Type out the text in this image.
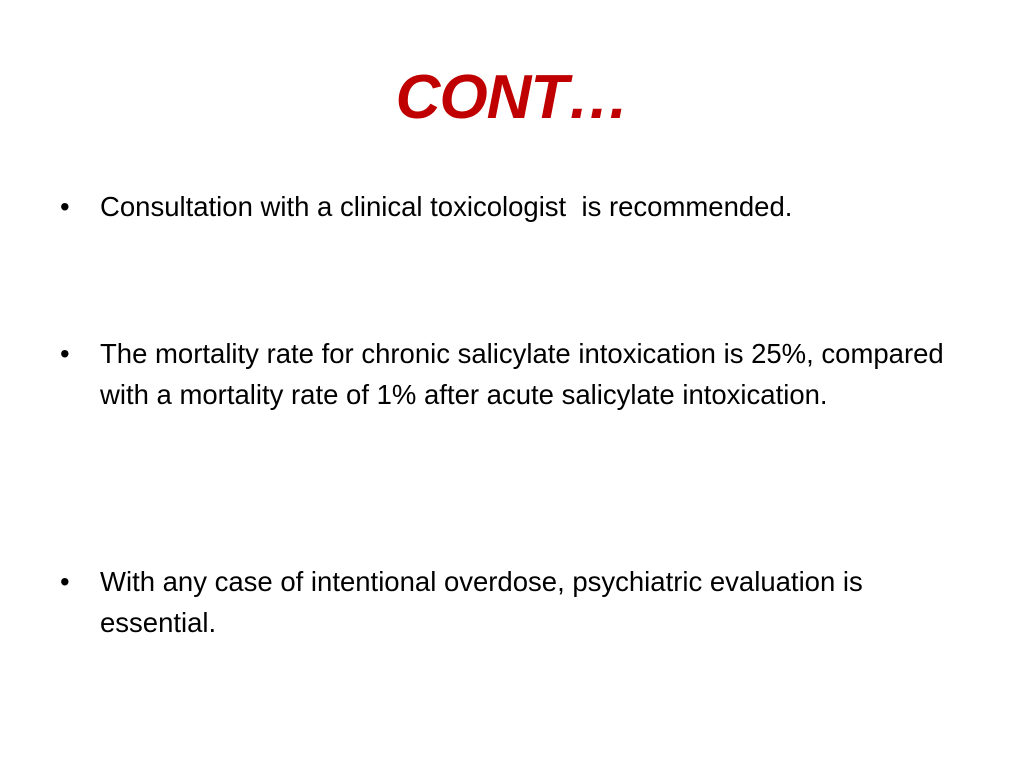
CONT…
•	Consultation with a clinical toxicologist  is recommended.
•	The mortality rate for chronic salicylate intoxication is 25%, compared with a mortality rate of 1% after acute salicylate intoxication.
•	With any case of intentional overdose, psychiatric evaluation is essential.
